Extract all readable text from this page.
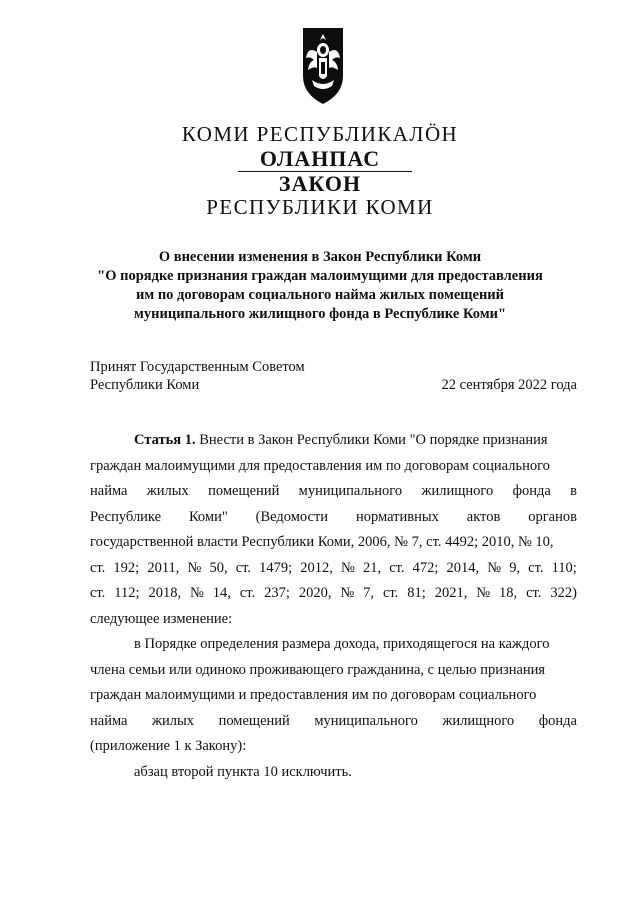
КОМИ РЕСПУБЛИКАЛӦН
ОЛАНПАС
ЗАКОН
РЕСПУБЛИКИ КОМИ
О внесении изменения в Закон Республики Коми
"О порядке признания граждан малоимущими для предоставления
им по договорам социального найма жилых помещений
муниципального жилищного фонда в Республике Коми"
Принят Государственным Советом
Республики Коми	22 сентября 2022 года
Статья 1. Внести в Закон Республики Коми "О порядке признания
граждан малоимущими для предоставления им по договорам социального
найма жилых помещений муниципального жилищного фонда в
Республике Коми" (Ведомости нормативных актов органов
государственной власти Республики Коми, 2006, № 7, ст. 4492; 2010, № 10,
ст. 192; 2011, № 50, ст. 1479; 2012, № 21, ст. 472; 2014, № 9, ст. 110;
ст. 112; 2018, № 14, ст. 237; 2020, № 7, ст. 81; 2021, № 18, ст. 322)
следующее изменение:
в Порядке определения размера дохода, приходящегося на каждого
члена семьи или одиноко проживающего гражданина, с целью признания
граждан малоимущими и предоставления им по договорам социального
найма жилых помещений муниципального жилищного фонда
(приложение 1 к Закону):
абзац второй пункта 10 исключить.
